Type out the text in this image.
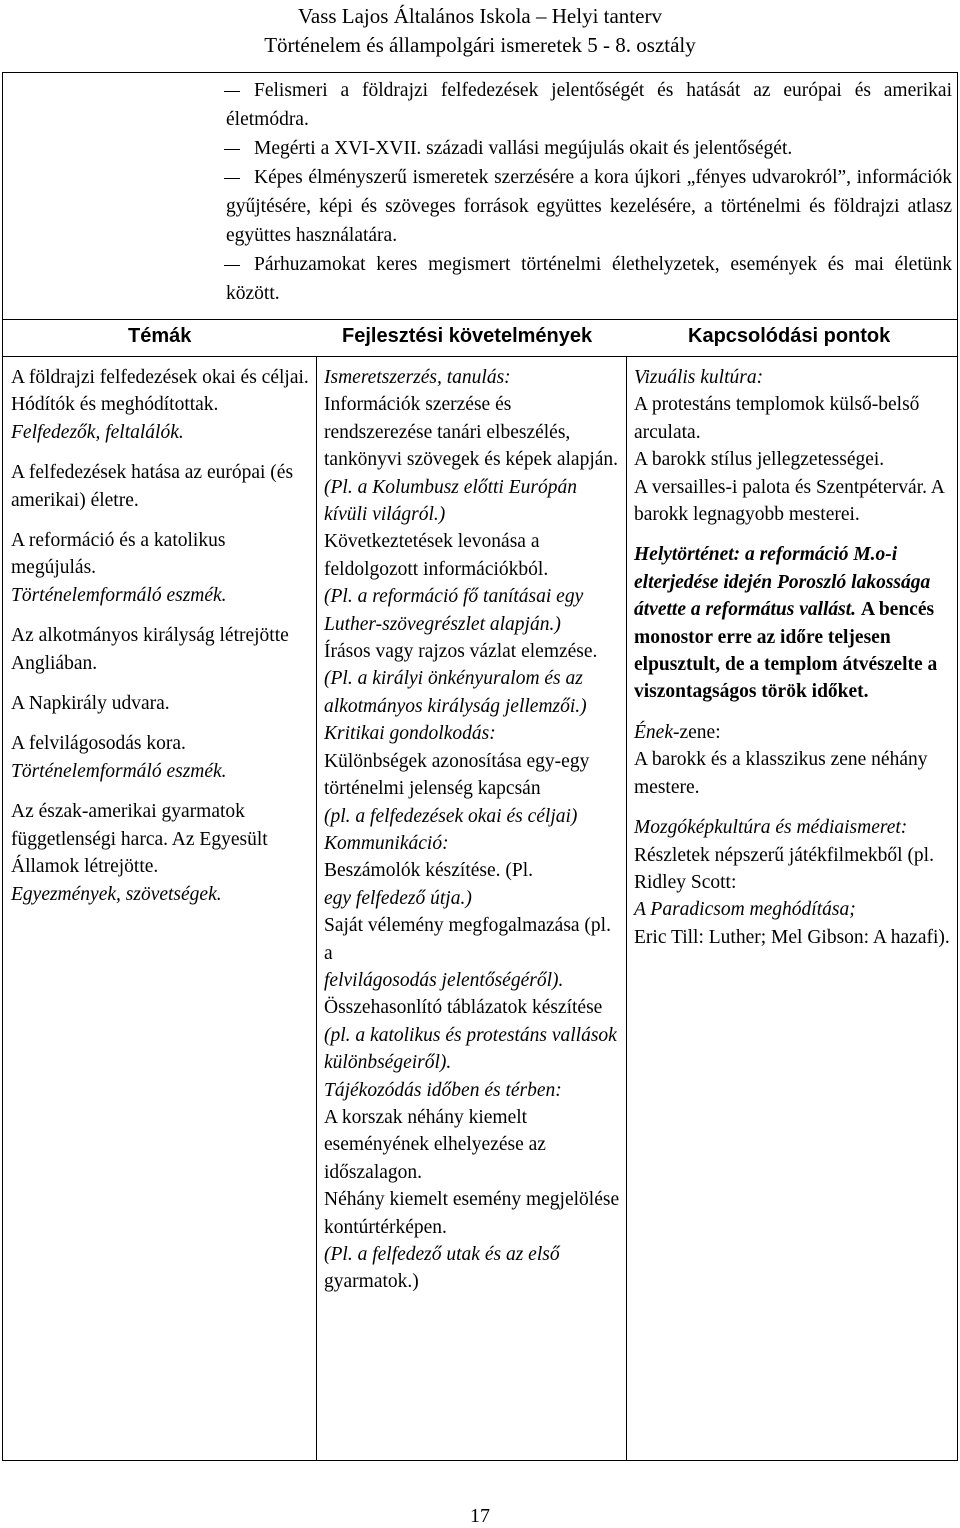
Vass Lajos Általános Iskola – Helyi tanterv
Történelem és állampolgári ismeretek 5 - 8. osztály

Felismeri a földrajzi felfedezések jelentőségét és hatását az európai és amerikai életmódra.

Megérti a XVI-XVII. századi vallási megújulás okait és jelentőségét.

Képes élményszerű ismeretek szerzésére a kora újkori „fényes udvarokról”, információk gyűjtésére, képi és szöveges források együttes kezelésére, a történelmi és földrajzi atlasz együttes használatára.

Párhuzamokat keres megismert történelmi élethelyzetek, események és mai életünk között.

Témák	Fejlesztési követelmények	Kapcsolódási pontok

A földrajzi felfedezések okai és céljai. Hódítók és meghódítottak.

Felfedezők, feltalálók.

A felfedezések hatása az európai (és amerikai) életre.

A reformáció és a katolikus megújulás.

Történelemformáló eszmék.

Az alkotmányos királyság létrejötte Angliában.

A Napkirály udvara.

A felvilágosodás kora.

Történelemformáló eszmék.

Az észak-amerikai gyarmatok függetlenségi harca. Az Egyesült Államok létrejötte.

Egyezmények, szövetségek.

Ismeretszerzés, tanulás:

Információk szerzése és rendszerezése tanári elbeszélés, tankönyvi szövegek és képek alapján.

(Pl. a Kolumbusz előtti Európán kívüli világról.)

Következtetések levonása a feldolgozott információkból.

(Pl. a reformáció fő tanításai egy Luther-szövegrészlet alapján.)

Írásos vagy rajzos vázlat elemzése.

(Pl. a királyi önkényuralom és az alkotmányos királyság jellemzői.)

Kritikai gondolkodás:

Különbségek azonosítása egy-egy történelmi jelenség kapcsán

(pl. a felfedezések okai és céljai)

Kommunikáció:

Beszámolók készítése. (Pl.

egy felfedező útja.)

Saját vélemény megfogalmazása (pl. a

felvilágosodás jelentőségéről).

Összehasonlító táblázatok készítése

(pl. a katolikus és protestáns vallások különbségeiről).

Tájékozódás időben és térben:

A korszak néhány kiemelt eseményének elhelyezése az időszalagon.

Néhány kiemelt esemény megjelölése kontúrtérképen.

(Pl. a felfedező utak és az első

gyarmatok.)

Vizuális kultúra:

A protestáns templomok külső-belső arculata.

A barokk stílus jellegzetességei.

A versailles-i palota és Szentpétervár. A barokk legnagyobb mesterei.

Helytörténet: a reformáció M.o-i elterjedése idején Poroszló lakossága átvette a református vallást. A bencés monostor erre az időre teljesen elpusztult, de a templom átvészelte a viszontagságos török időket.

Ének-zene:

A barokk és a klasszikus zene néhány mestere.

Mozgóképkultúra és médiaismeret:

Részletek népszerű játékfilmekből (pl. Ridley Scott:

A Paradicsom meghódítása;

Eric Till: Luther; Mel Gibson: A hazafi).

17
